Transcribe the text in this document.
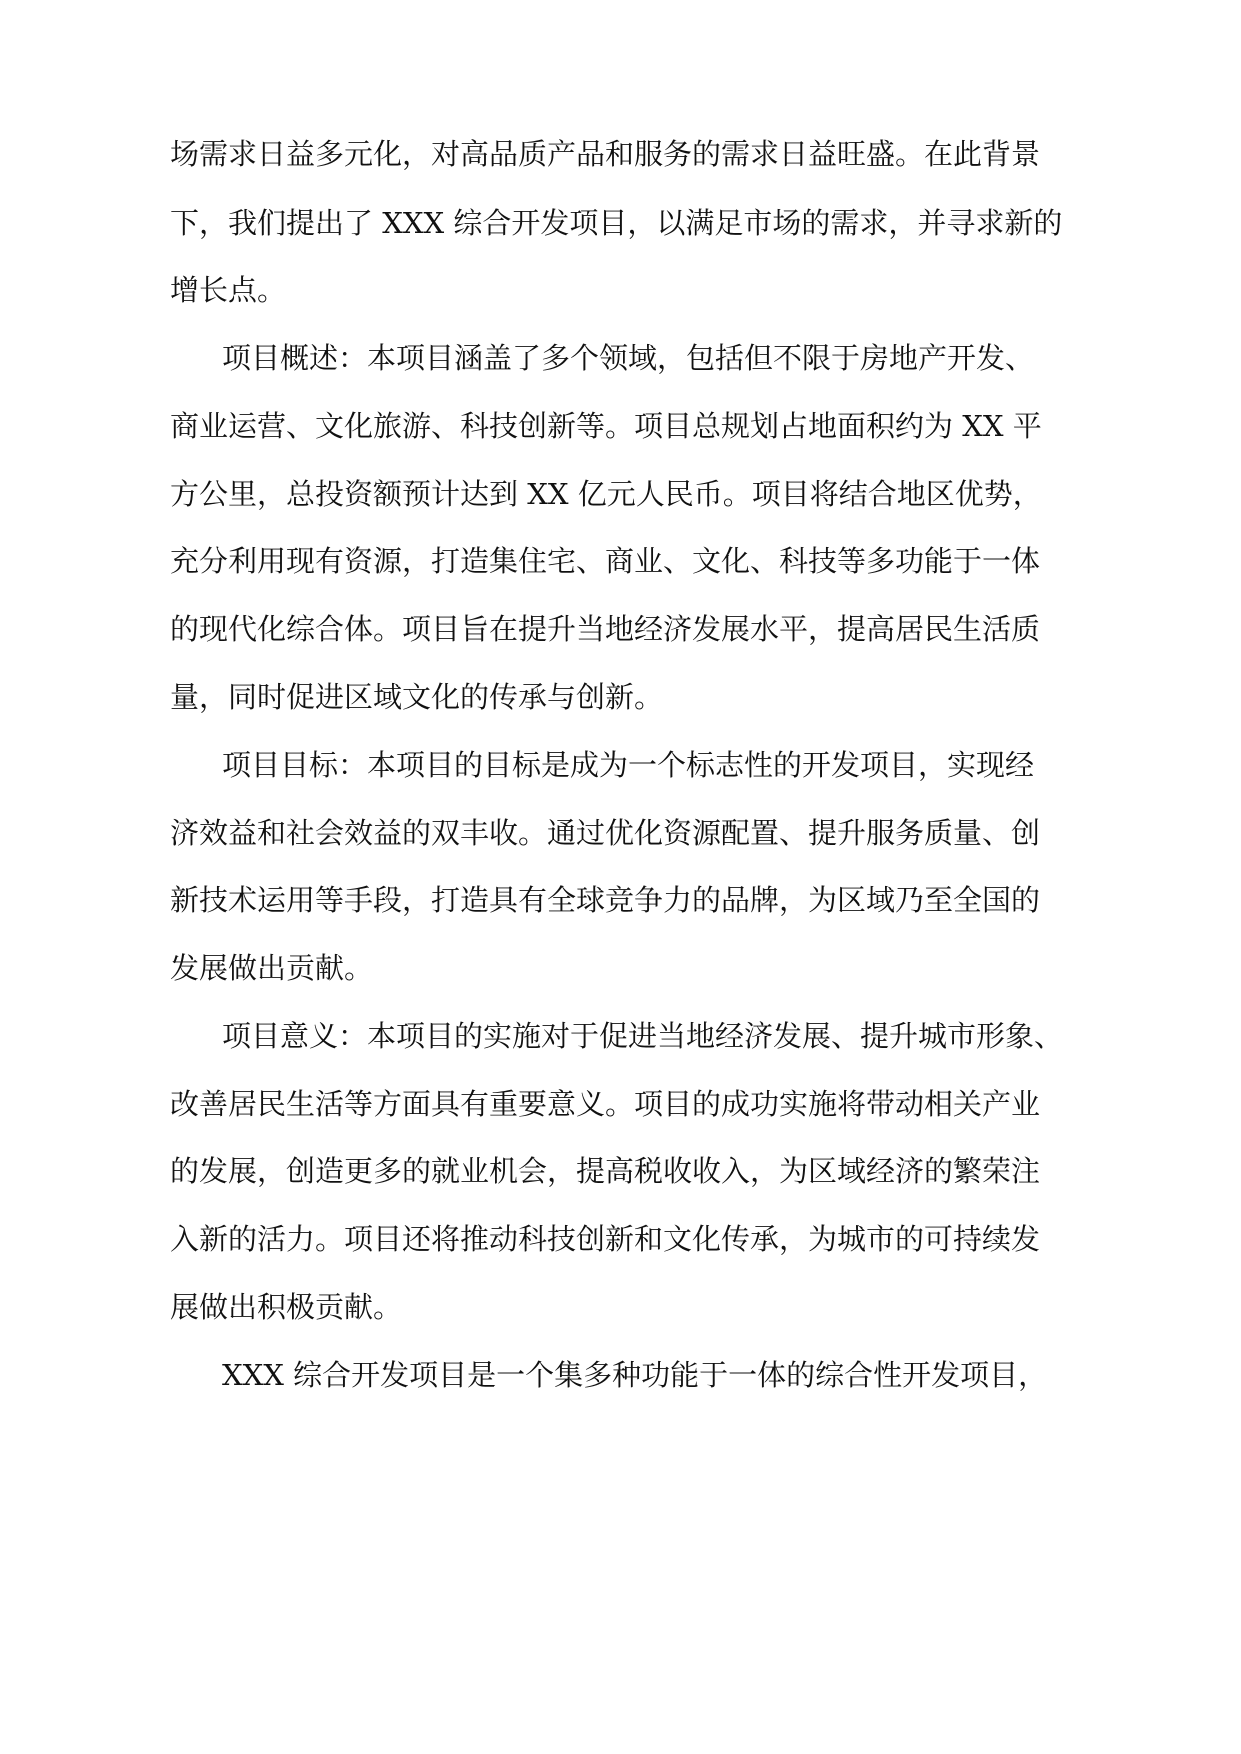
场需求日益多元化，对高品质产品和服务的需求日益旺盛。在此背景
下，我们提出了 XXX 综合开发项目，以满足市场的需求，并寻求新的
增长点。
项目概述：本项目涵盖了多个领域，包括但不限于房地产开发、
商业运营、文化旅游、科技创新等。项目总规划占地面积约为 XX 平
方公里，总投资额预计达到 XX 亿元人民币。项目将结合地区优势，
充分利用现有资源，打造集住宅、商业、文化、科技等多功能于一体
的现代化综合体。项目旨在提升当地经济发展水平，提高居民生活质
量，同时促进区域文化的传承与创新。
项目目标：本项目的目标是成为一个标志性的开发项目，实现经
济效益和社会效益的双丰收。通过优化资源配置、提升服务质量、创
新技术运用等手段，打造具有全球竞争力的品牌，为区域乃至全国的
发展做出贡献。
项目意义：本项目的实施对于促进当地经济发展、提升城市形象、
改善居民生活等方面具有重要意义。项目的成功实施将带动相关产业
的发展，创造更多的就业机会，提高税收收入，为区域经济的繁荣注
入新的活力。项目还将推动科技创新和文化传承，为城市的可持续发
展做出积极贡献。
XXX 综合开发项目是一个集多种功能于一体的综合性开发项目，
